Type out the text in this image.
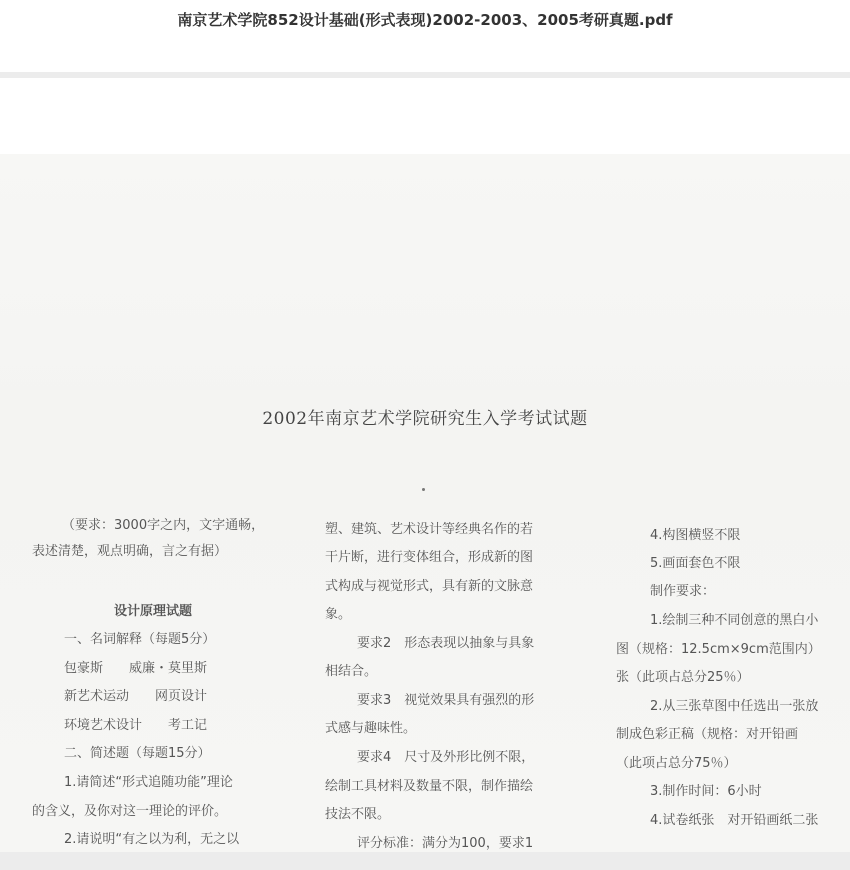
南京艺术学院852设计基础(形式表现)2002-2003、2005考研真题.pdf
2002年南京艺术学院研究生入学考试试题
（要求：3000字之内，文字通畅，
表述清楚，观点明确，言之有据）
设计原理试题
一、名词解释（每题5分）
包豪斯　　威廉・莫里斯
新艺术运动　　网页设计
环境艺术设计　　考工记
二、简述题（每题15分）
1.请简述“形式追随功能”理论
的含义，及你对这一理论的评价。
2.请说明“有之以为利，无之以
塑、建筑、艺术设计等经典名作的若
干片断，进行变体组合，形成新的图
式构成与视觉形式，具有新的文脉意
象。
要求2　形态表现以抽象与具象
相结合。
要求3　视觉效果具有强烈的形
式感与趣味性。
要求4　尺寸及外形比例不限，
绘制工具材料及数量不限，制作描绘
技法不限。
评分标准：满分为100，要求1
4.构图横竖不限
5.画面套色不限
制作要求：
1.绘制三种不同创意的黑白小
图（规格：12.5cm×9cm范围内）
张（此项占总分25％）
2.从三张草图中任选出一张放
制成色彩正稿（规格：对开铅画
（此项占总分75％）
3.制作时间：6小时
4.试卷纸张　对开铅画纸二张
